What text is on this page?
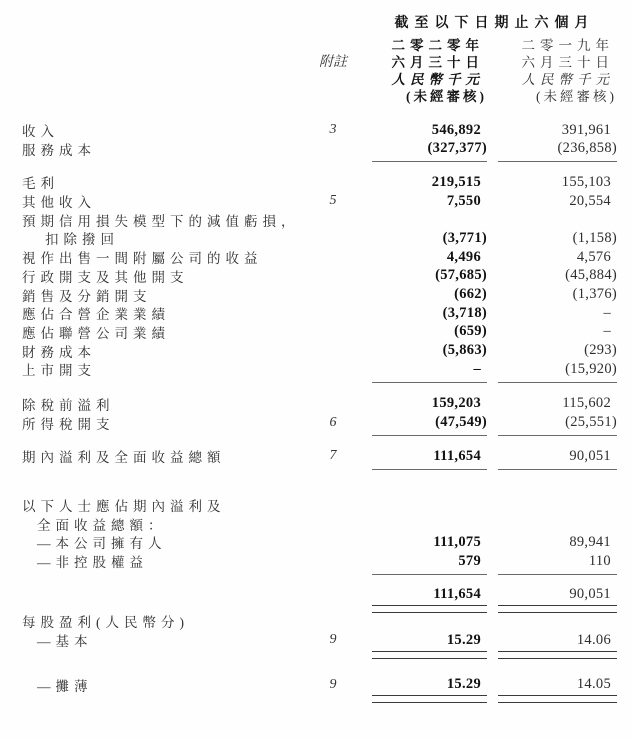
截至以下日期止六個月
二零二零年	二零一九年
附註	六月三十日	六月三十日
人民幣千元	人民幣千元
(未經審核)	(未經審核)
收入	3	546,892	391,961
服務成本	(327,377)	(236,858)
毛利	219,515	155,103
其他收入	5	7,550	20,554
預期信用損失模型下的減值虧損，
扣除撥回	(3,771)	(1,158)
視作出售一間附屬公司的收益	4,496	4,576
行政開支及其他開支	(57,685)	(45,884)
銷售及分銷開支	(662)	(1,376)
應佔合營企業業績	(3,718)	–
應佔聯營公司業績	(659)	–
財務成本	(5,863)	(293)
上市開支	–	(15,920)
除稅前溢利	159,203	115,602
所得稅開支	6	(47,549)	(25,551)
期內溢利及全面收益總額	7	111,654	90,051
以下人士應佔期內溢利及
全面收益總額：
—本公司擁有人	111,075	89,941
—非控股權益	579	110
111,654	90,051
每股盈利(人民幣分)
—基本	9	15.29	14.06
—攤薄	9	15.29	14.05
